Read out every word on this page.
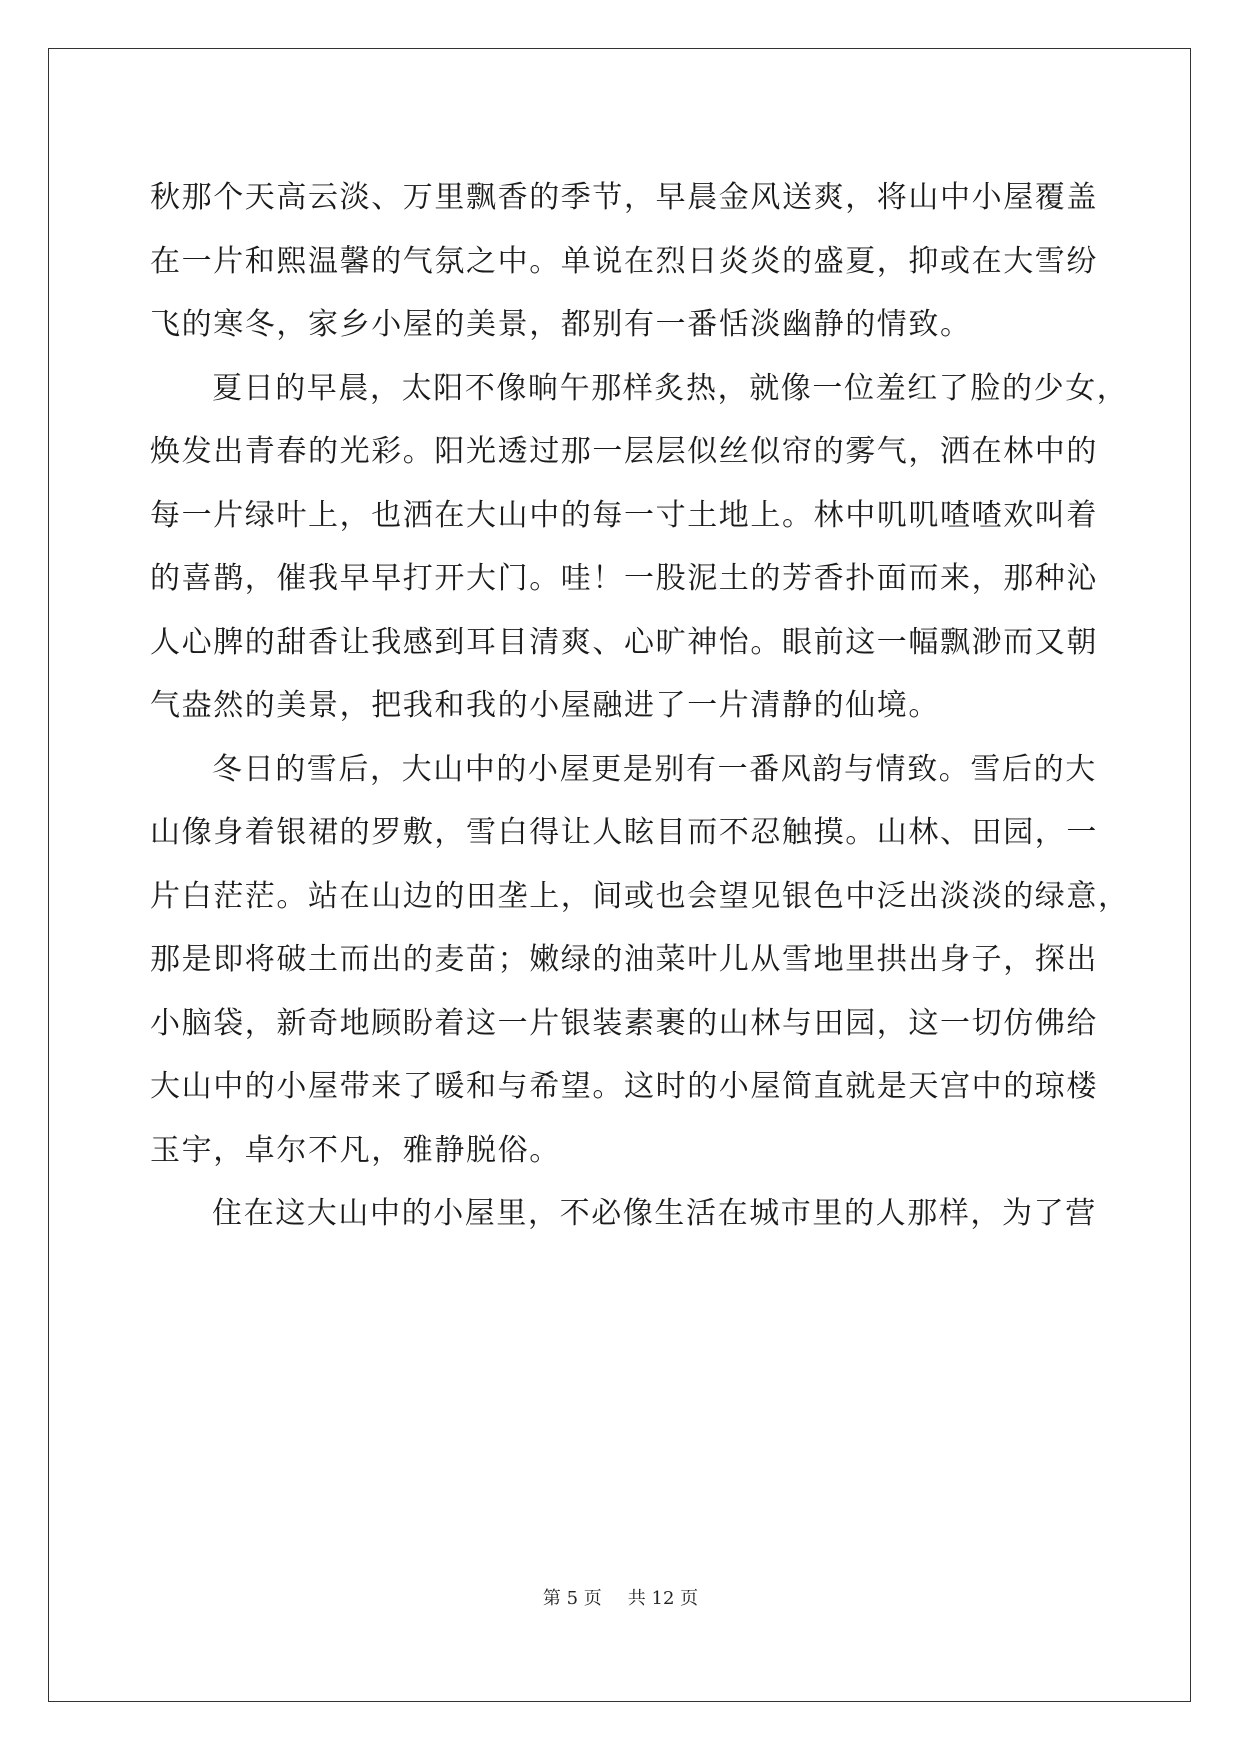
秋那个天高云淡、万里飘香的季节，早晨金风送爽，将山中小屋覆盖
在一片和熙温馨的气氛之中。单说在烈日炎炎的盛夏，抑或在大雪纷
飞的寒冬，家乡小屋的美景，都别有一番恬淡幽静的情致。
夏日的早晨，太阳不像晌午那样炙热，就像一位羞红了脸的少女，
焕发出青春的光彩。阳光透过那一层层似丝似帘的雾气，洒在林中的
每一片绿叶上，也洒在大山中的每一寸土地上。林中叽叽喳喳欢叫着
的喜鹊，催我早早打开大门。哇！一股泥土的芳香扑面而来，那种沁
人心脾的甜香让我感到耳目清爽、心旷神怡。眼前这一幅飘渺而又朝
气盎然的美景，把我和我的小屋融进了一片清静的仙境。
冬日的雪后，大山中的小屋更是别有一番风韵与情致。雪后的大
山像身着银裙的罗敷，雪白得让人眩目而不忍触摸。山林、田园，一
片白茫茫。站在山边的田垄上，间或也会望见银色中泛出淡淡的绿意，
那是即将破土而出的麦苗；嫩绿的油菜叶儿从雪地里拱出身子，探出
小脑袋，新奇地顾盼着这一片银装素裹的山林与田园，这一切仿佛给
大山中的小屋带来了暖和与希望。这时的小屋简直就是天宫中的琼楼
玉宇，卓尔不凡，雅静脱俗。
住在这大山中的小屋里，不必像生活在城市里的人那样，为了营
第 5 页 共 12 页
